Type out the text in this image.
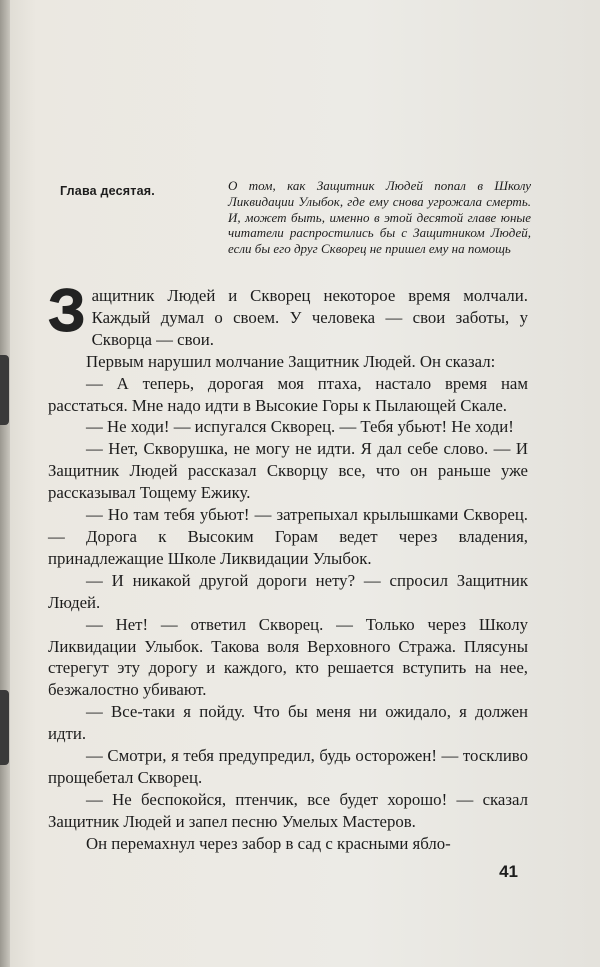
Глава десятая.	О том, как Защитник Людей попал в Школу Ликвидации Улыбок, где ему снова угрожала смерть. И, может быть, именно в этой десятой главе юные читатели распростились бы с Защитником Людей, если бы его друг Скворец не пришел ему на помощь
З ащитник Людей и Скворец некоторое время молчали. Каждый думал о своем. У человека — свои заботы, у Скворца — свои.

Первым нарушил молчание Защитник Людей. Он сказал:

— А теперь, дорогая моя птаха, настало время нам расстаться. Мне надо идти в Высокие Горы к Пылающей Скале.

— Не ходи! — испугался Скворец. — Тебя убьют! Не ходи!

— Нет, Скворушка, не могу не идти. Я дал себе слово. — И Защитник Людей рассказал Скворцу все, что он раньше уже рассказывал Тощему Ежику.

— Но там тебя убьют! — затрепыхал крылышками Скворец. — Дорога к Высоким Горам ведет через владения, принадлежащие Школе Ликвидации Улыбок.

— И никакой другой дороги нету? — спросил Защитник Людей.

— Нет! — ответил Скворец. — Только через Школу Ликвидации Улыбок. Такова воля Верховного Стража. Плясуны стерегут эту дорогу и каждого, кто решается вступить на нее, безжалостно убивают.

— Все-таки я пойду. Что бы меня ни ожидало, я должен идти.

— Смотри, я тебя предупредил, будь осторожен! — тоскливо прощебетал Скворец.

— Не беспокойся, птенчик, все будет хорошо! — сказал Защитник Людей и запел песню Умелых Мастеров.

Он перемахнул через забор в сад с красными ябло-

41
